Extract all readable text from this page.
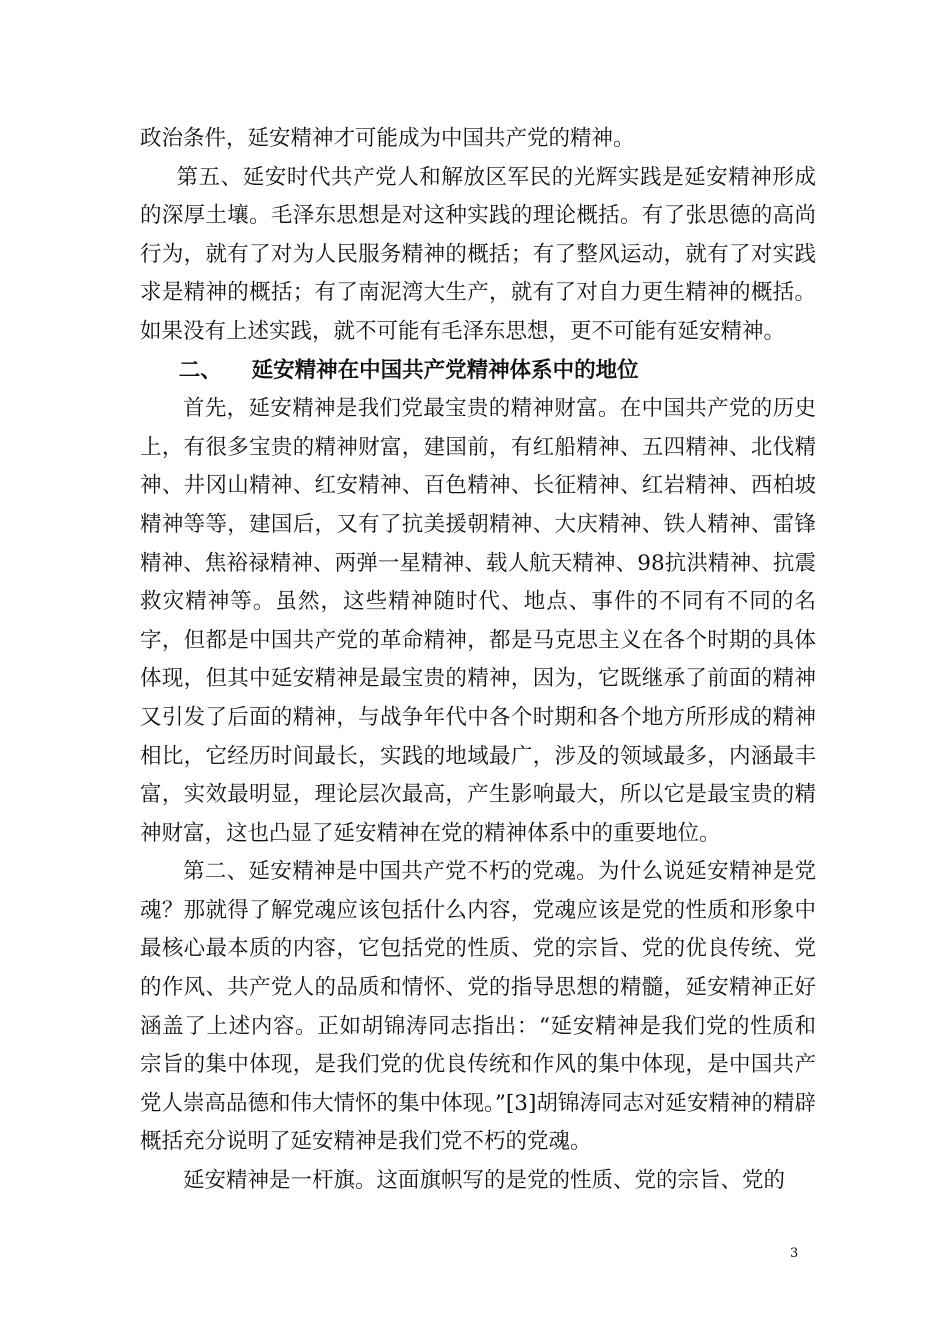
政治条件，延安精神才可能成为中国共产党的精神。

第五、延安时代共产党人和解放区军民的光辉实践是延安精神形成的深厚土壤。毛泽东思想是对这种实践的理论概括。有了张思德的高尚行为，就有了对为人民服务精神的概括；有了整风运动，就有了对实践求是精神的概括；有了南泥湾大生产，就有了对自力更生精神的概括。如果没有上述实践，就不可能有毛泽东思想，更不可能有延安精神。

二、    延安精神在中国共产党精神体系中的地位

首先，延安精神是我们党最宝贵的精神财富。在中国共产党的历史上，有很多宝贵的精神财富，建国前，有红船精神、五四精神、北伐精神、井冈山精神、红安精神、百色精神、长征精神、红岩精神、西柏坡精神等等，建国后，又有了抗美援朝精神、大庆精神、铁人精神、雷锋精神、焦裕禄精神、两弹一星精神、载人航天精神、98抗洪精神、抗震救灾精神等。虽然，这些精神随时代、地点、事件的不同有不同的名字，但都是中国共产党的革命精神，都是马克思主义在各个时期的具体体现，但其中延安精神是最宝贵的精神，因为，它既继承了前面的精神又引发了后面的精神，与战争年代中各个时期和各个地方所形成的精神相比，它经历时间最长，实践的地域最广，涉及的领域最多，内涵最丰富，实效最明显，理论层次最高，产生影响最大，所以它是最宝贵的精神财富，这也凸显了延安精神在党的精神体系中的重要地位。

第二、延安精神是中国共产党不朽的党魂。为什么说延安精神是党魂？那就得了解党魂应该包括什么内容，党魂应该是党的性质和形象中最核心最本质的内容，它包括党的性质、党的宗旨、党的优良传统、党的作风、共产党人的品质和情怀、党的指导思想的精髓，延安精神正好涵盖了上述内容。正如胡锦涛同志指出：“延安精神是我们党的性质和宗旨的集中体现，是我们党的优良传统和作风的集中体现，是中国共产党人崇高品德和伟大情怀的集中体现。”[3]胡锦涛同志对延安精神的精辟概括充分说明了延安精神是我们党不朽的党魂。

延安精神是一杆旗。这面旗帜写的是党的性质、党的宗旨、党的

3
